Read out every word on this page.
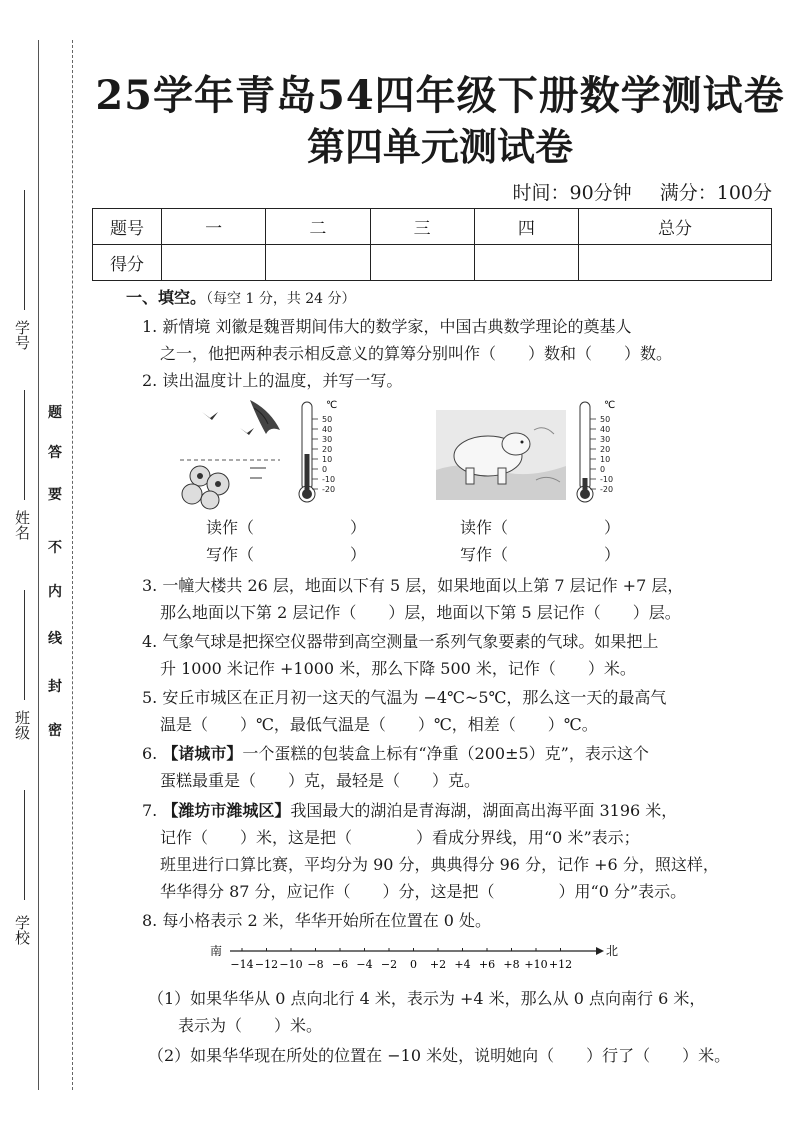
学号
姓名
班级
学校
题
答
要
不
内
线
封
密
25学年青岛54四年级下册数学测试卷
第四单元测试卷
时间：90分钟 满分：100分
题号	一	二	三	四	总分
得分					
一、填空。（每空 1 分，共 24 分）
1. 新情境 刘徽是魏晋期间伟大的数学家，中国古典数学理论的奠基人
之一，他把两种表示相反意义的算筹分别叫作（　　）数和（　　）数。
2. 读出温度计上的温度，并写一写。
℃
50
40
30
20
10
0
-10
-20
℃
50
40
30
20
10
0
-10
-20
读作（　　　　　　）
写作（　　　　　　）
读作（　　　　　　）
写作（　　　　　　）
3. 一幢大楼共 26 层，地面以下有 5 层，如果地面以上第 7 层记作 +7 层，
那么地面以下第 2 层记作（　　）层，地面以下第 5 层记作（　　）层。
4. 气象气球是把探空仪器带到高空测量一系列气象要素的气球。如果把上
升 1000 米记作 +1000 米，那么下降 500 米，记作（　　）米。
5. 安丘市城区在正月初一这天的气温为 −4℃~5℃，那么这一天的最高气
温是（　　）℃，最低气温是（　　）℃，相差（　　）℃。
6. 【诸城市】一个蛋糕的包装盒上标有“净重（200±5）克”，表示这个
蛋糕最重是（　　）克，最轻是（　　）克。
7. 【潍坊市潍城区】我国最大的湖泊是青海湖，湖面高出海平面 3196 米，
记作（　　）米，这是把（　　　　）看成分界线，用“0 米”表示；
班里进行口算比赛，平均分为 90 分，典典得分 96 分，记作 +6 分，照这样，
华华得分 87 分，应记作（　　）分，这是把（　　　　）用“0 分”表示。
8. 每小格表示 2 米，华华开始所在位置在 0 处。
南	北
−14 −12 −10 −8 −6 −4 −2 0 +2 +4 +6 +8 +10 +12
（1）如果华华从 0 点向北行 4 米，表示为 +4 米，那么从 0 点向南行 6 米，
表示为（　　）米。
（2）如果华华现在所处的位置在 −10 米处，说明她向（　　）行了（　　）米。
